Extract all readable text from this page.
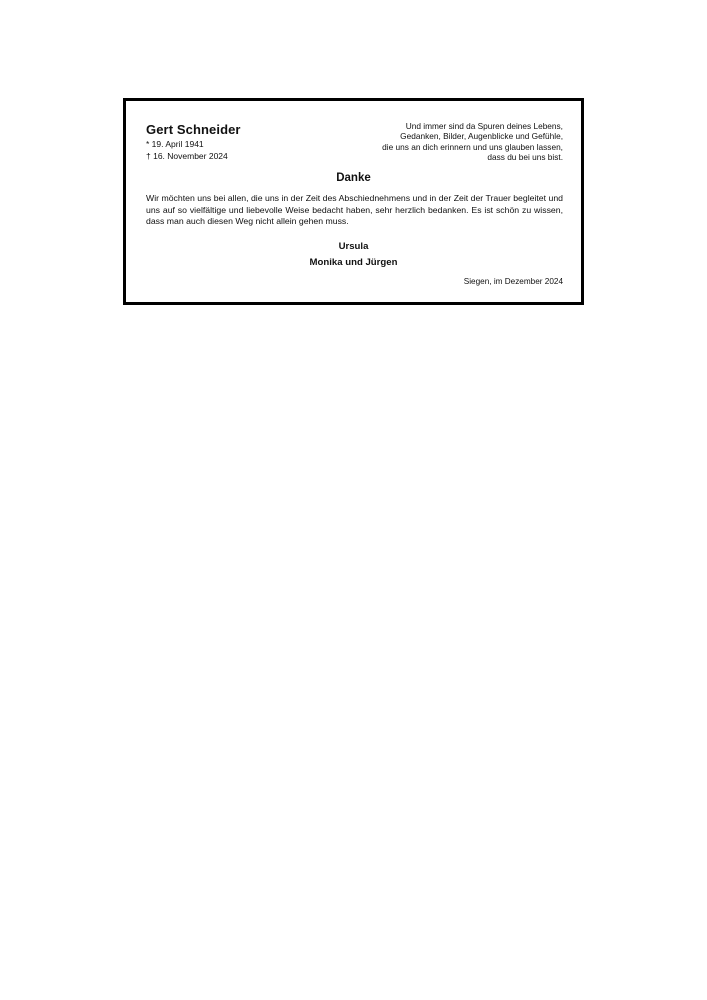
Gert Schneider
* 19. April 1941
† 16. November 2024
Und immer sind da Spuren deines Lebens,
Gedanken, Bilder, Augenblicke und Gefühle,
die uns an dich erinnern und uns glauben lassen,
dass du bei uns bist.
Danke
Wir möchten uns bei allen, die uns in der Zeit des Abschiednehmens und in der Zeit der Trauer begleitet und uns auf so vielfältige und liebevolle Weise bedacht haben, sehr herzlich bedanken. Es ist schön zu wissen, dass man auch diesen Weg nicht allein gehen muss.
Ursula
Monika und Jürgen
Siegen, im Dezember 2024
